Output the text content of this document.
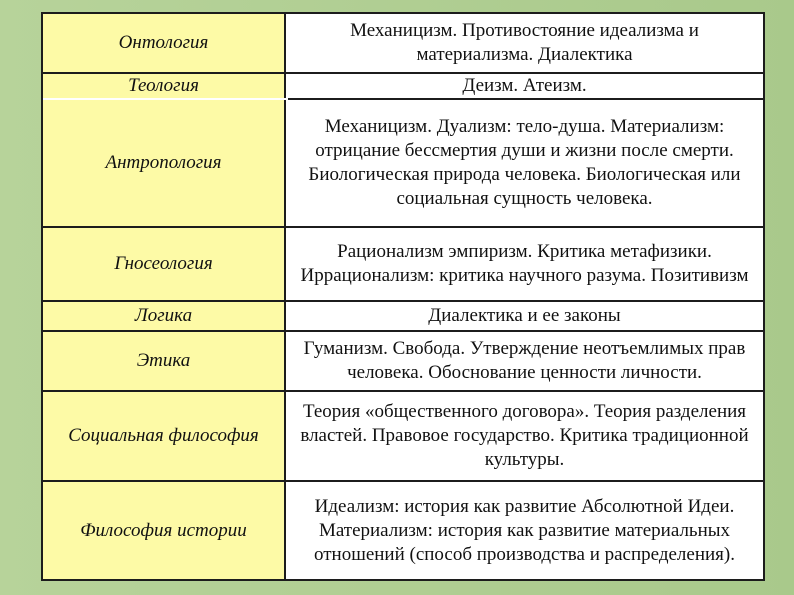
Онтология
Механицизм. Противостояние идеализма и материализма. Диалектика
Теология	Деизм. Атеизм.
Антропология
Механицизм. Дуализм: тело-душа. Материализм: отрицание бессмертия души и жизни после смерти. Биологическая природа человека. Биологическая или социальная сущность человека.
Гносеология
Рационализм эмпиризм. Критика метафизики. Иррационализм: критика научного разума. Позитивизм
Логика	Диалектика и ее законы
Этика
Гуманизм. Свобода. Утверждение неотъемлимых прав человека. Обоснование ценности личности.
Социальная философия
Теория «общественного договора». Теория разделения властей. Правовое государство. Критика традиционной культуры.
Философия истории
Идеализм: история как развитие Абсолютной Идеи. Материализм: история как развитие материальных отношений (способ производства и распределения).
